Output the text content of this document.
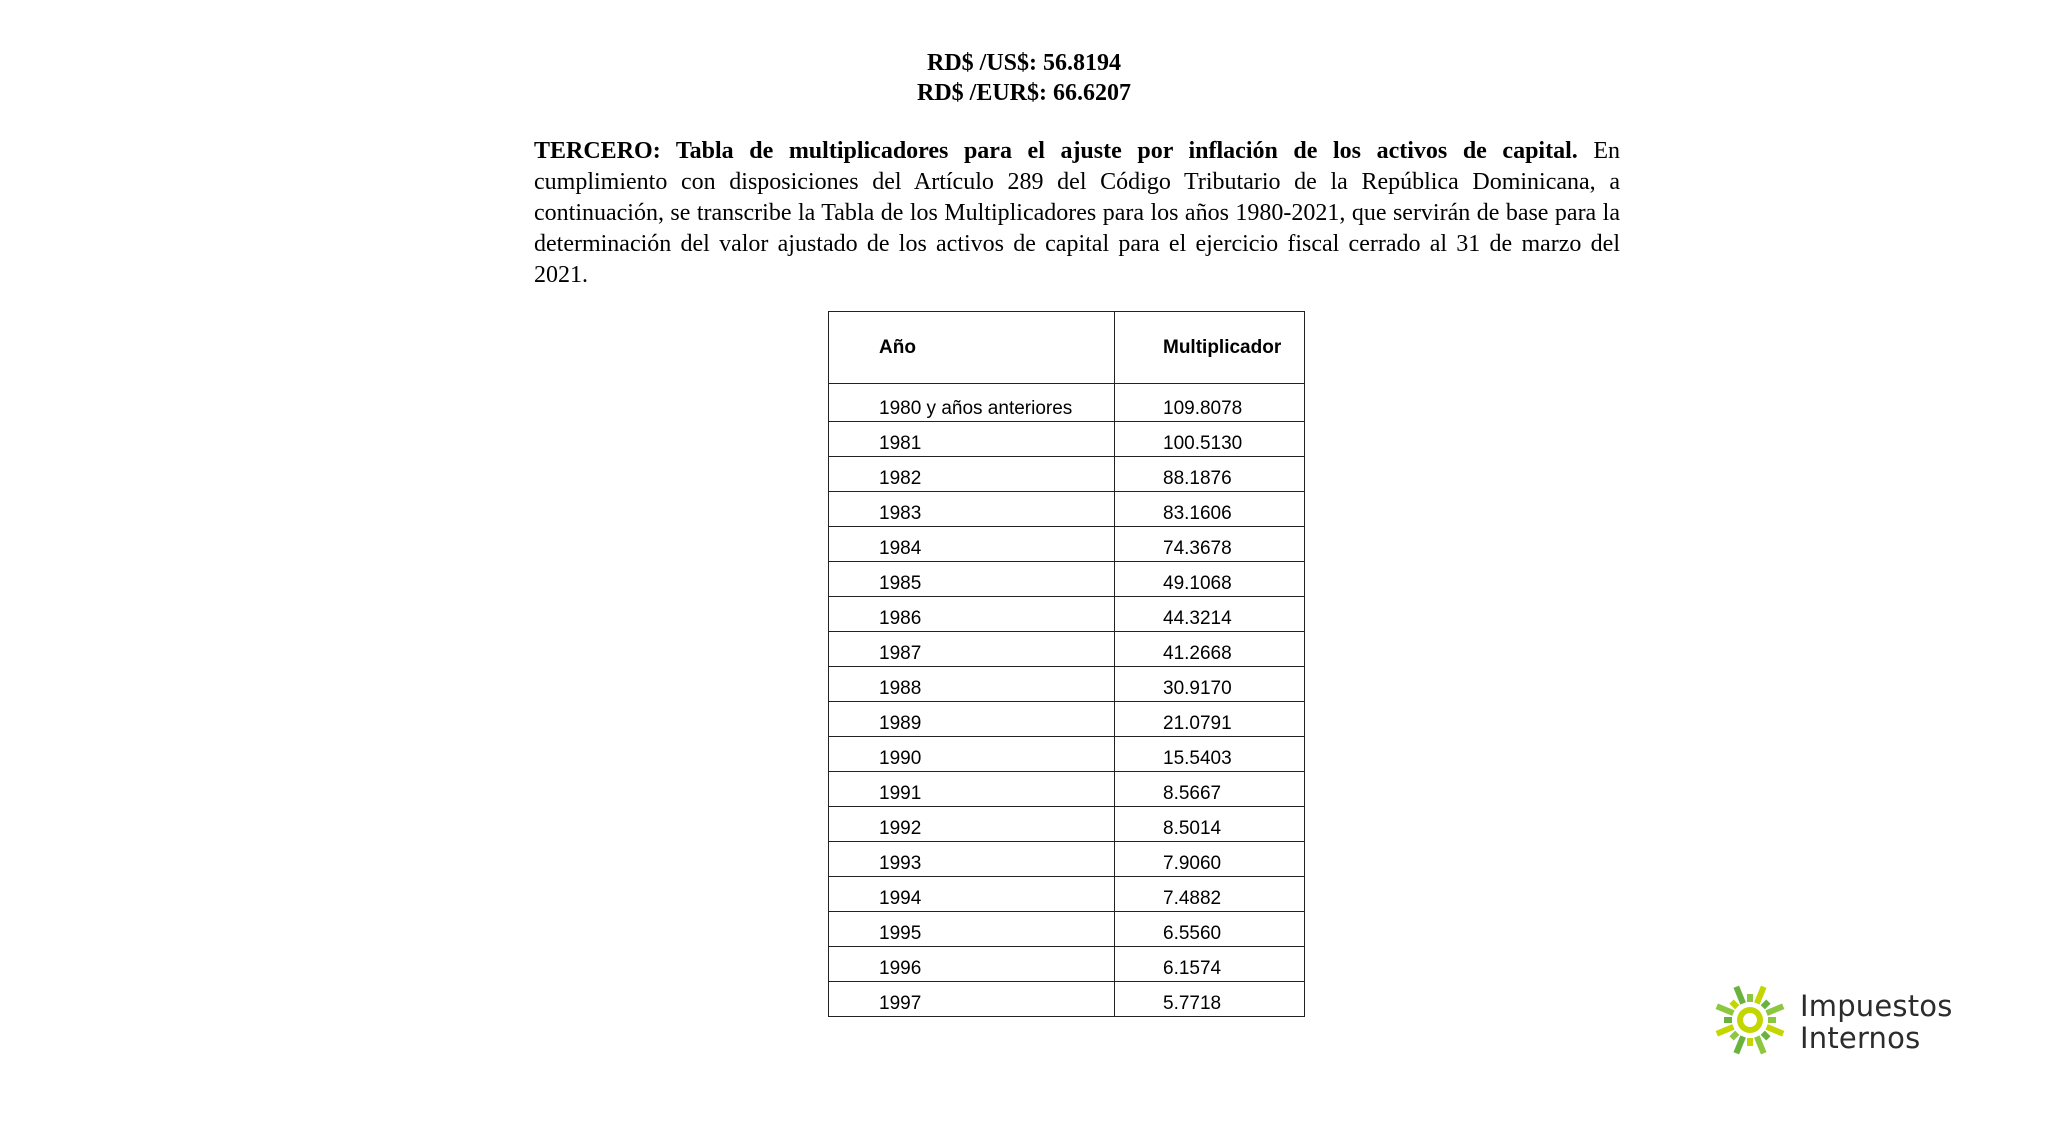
RD$ /US$: 56.8194
RD$ /EUR$: 66.6207
TERCERO: Tabla de multiplicadores para el ajuste por inflación de los activos de capital. En cumplimiento con disposiciones del Artículo 289 del Código Tributario de la República Dominicana, a continuación, se transcribe la Tabla de los Multiplicadores para los años 1980-2021, que servirán de base para la determinación del valor ajustado de los activos de capital para el ejercicio fiscal cerrado al 31 de marzo del 2021.
Año	Multiplicador

1980 y años anteriores	109.8078

1981	100.5130

1982	88.1876

1983	83.1606

1984	74.3678

1985	49.1068

1986	44.3214

1987	41.2668

1988	30.9170

1989	21.0791

1990	15.5403

1991	8.5667

1992	8.5014

1993	7.9060

1994	7.4882

1995	6.5560

1996	6.1574

1997	5.7718	Impuestos
Internos
